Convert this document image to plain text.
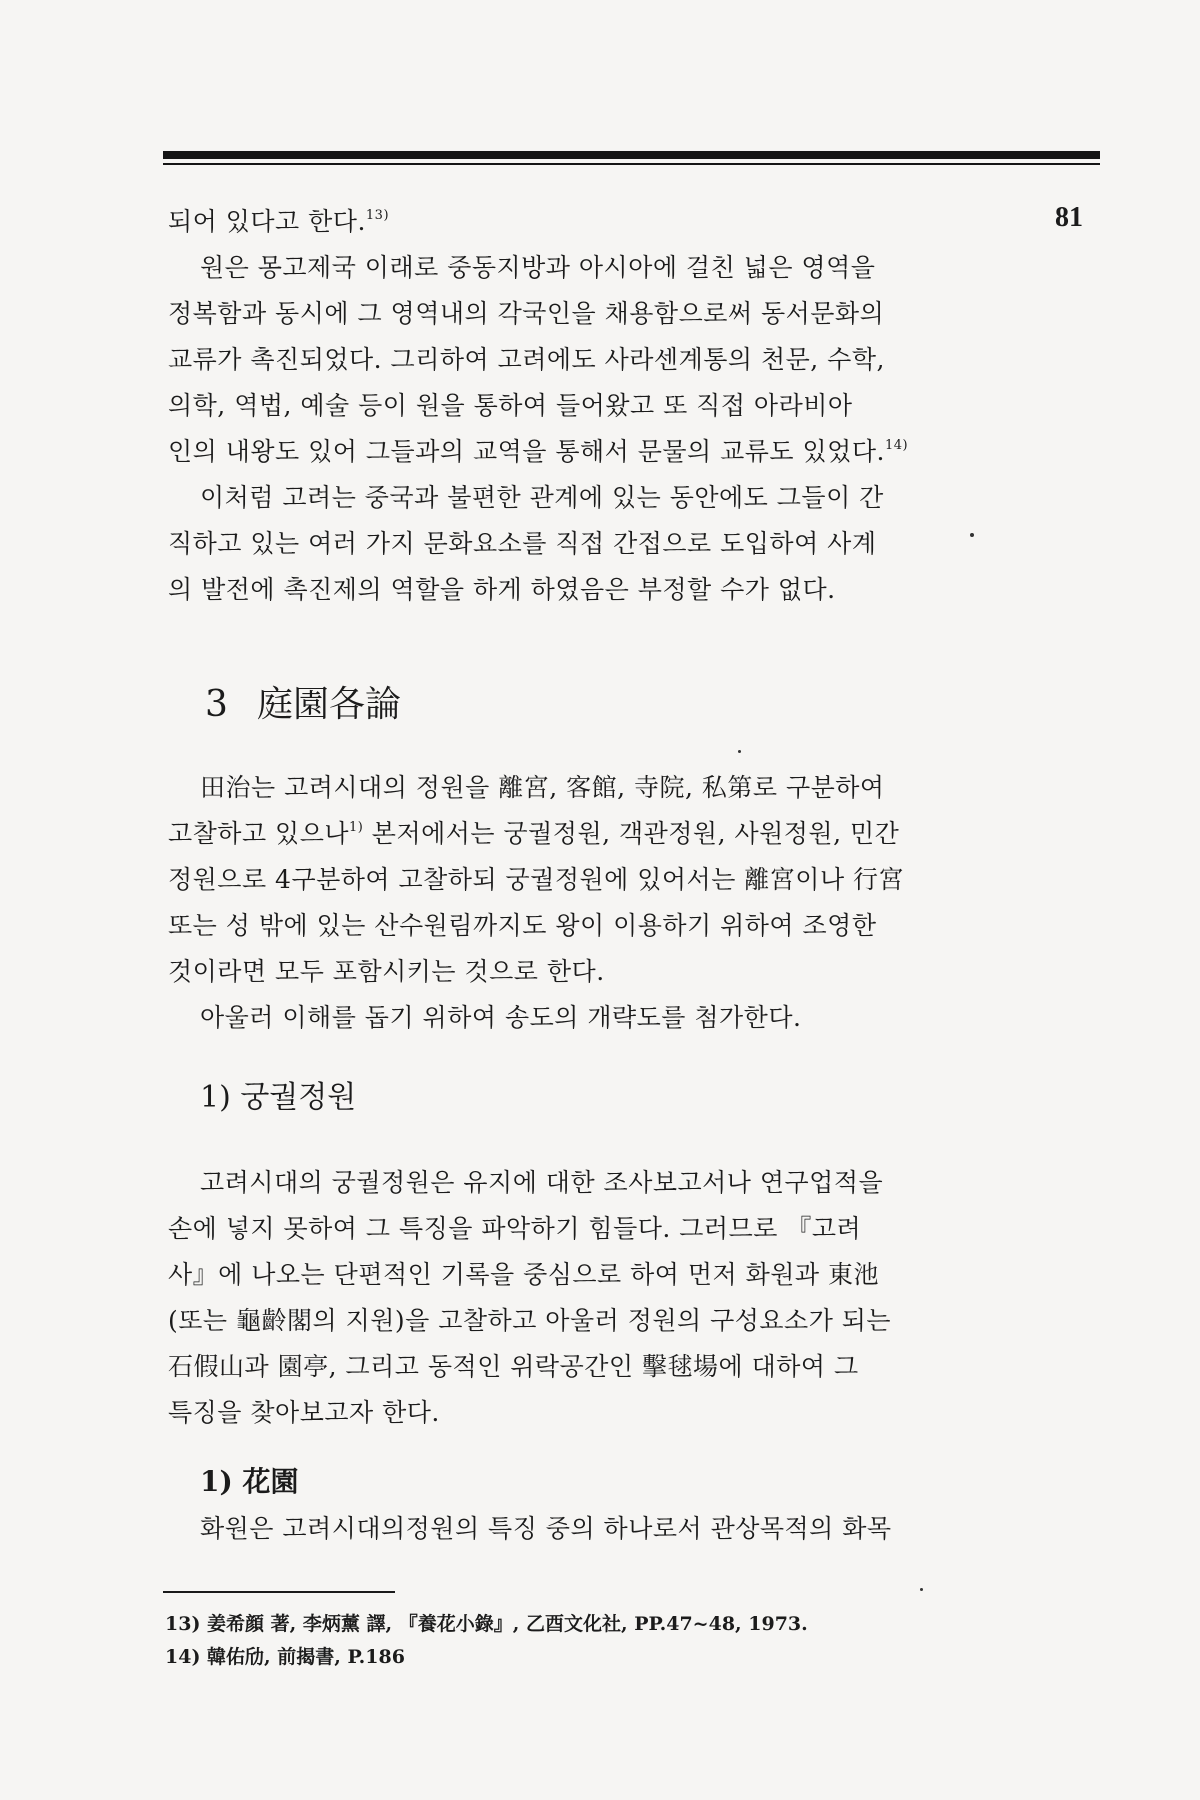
81
되어 있다고 한다.$^{13)}$
원은 몽고제국 이래로 중동지방과 아시아에 걸친 넓은 영역을
정복함과 동시에 그 영역내의 각국인을 채용함으로써 동서문화의
교류가 촉진되었다. 그리하여 고려에도 사라센계통의 천문, 수학,
의학, 역법, 예술 등이 원을 통하여 들어왔고 또 직접 아라비아
인의 내왕도 있어 그들과의 교역을 통해서 문물의 교류도 있었다.$^{14)}$
이처럼 고려는 중국과 불편한 관계에 있는 동안에도 그들이 간
직하고 있는 여러 가지 문화요소를 직접 간접으로 도입하여 사계
의 발전에 촉진제의 역할을 하게 하였음은 부정할 수가 없다.
3 庭園各論
田治는 고려시대의 정원을 離宮, 客館, 寺院, 私第로 구분하여
고찰하고 있으나$^{1)}$ 본저에서는 궁궐정원, 객관정원, 사원정원, 민간
정원으로 4구분하여 고찰하되 궁궐정원에 있어서는 離宮이나 行宮
또는 성 밖에 있는 산수원림까지도 왕이 이용하기 위하여 조영한
것이라면 모두 포함시키는 것으로 한다.
아울러 이해를 돕기 위하여 송도의 개략도를 첨가한다.
1) 궁궐정원
고려시대의 궁궐정원은 유지에 대한 조사보고서나 연구업적을
손에 넣지 못하여 그 특징을 파악하기 힘들다. 그러므로 『고려
사』에 나오는 단편적인 기록을 중심으로 하여 먼저 화원과 東池
(또는 龜齡閣의 지원)을 고찰하고 아울러 정원의 구성요소가 되는
石假山과 園亭, 그리고 동적인 위락공간인 擊毬場에 대하여 그
특징을 찾아보고자 한다.
1) 花園
화원은 고려시대의정원의 특징 중의 하나로서 관상목적의 화목
13) 姜希顔 著, 李炳薰 譯, 『養花小錄』, 乙酉文化社, PP.47~48, 1973.
14) 韓佑劤, 前揭書, P.186
